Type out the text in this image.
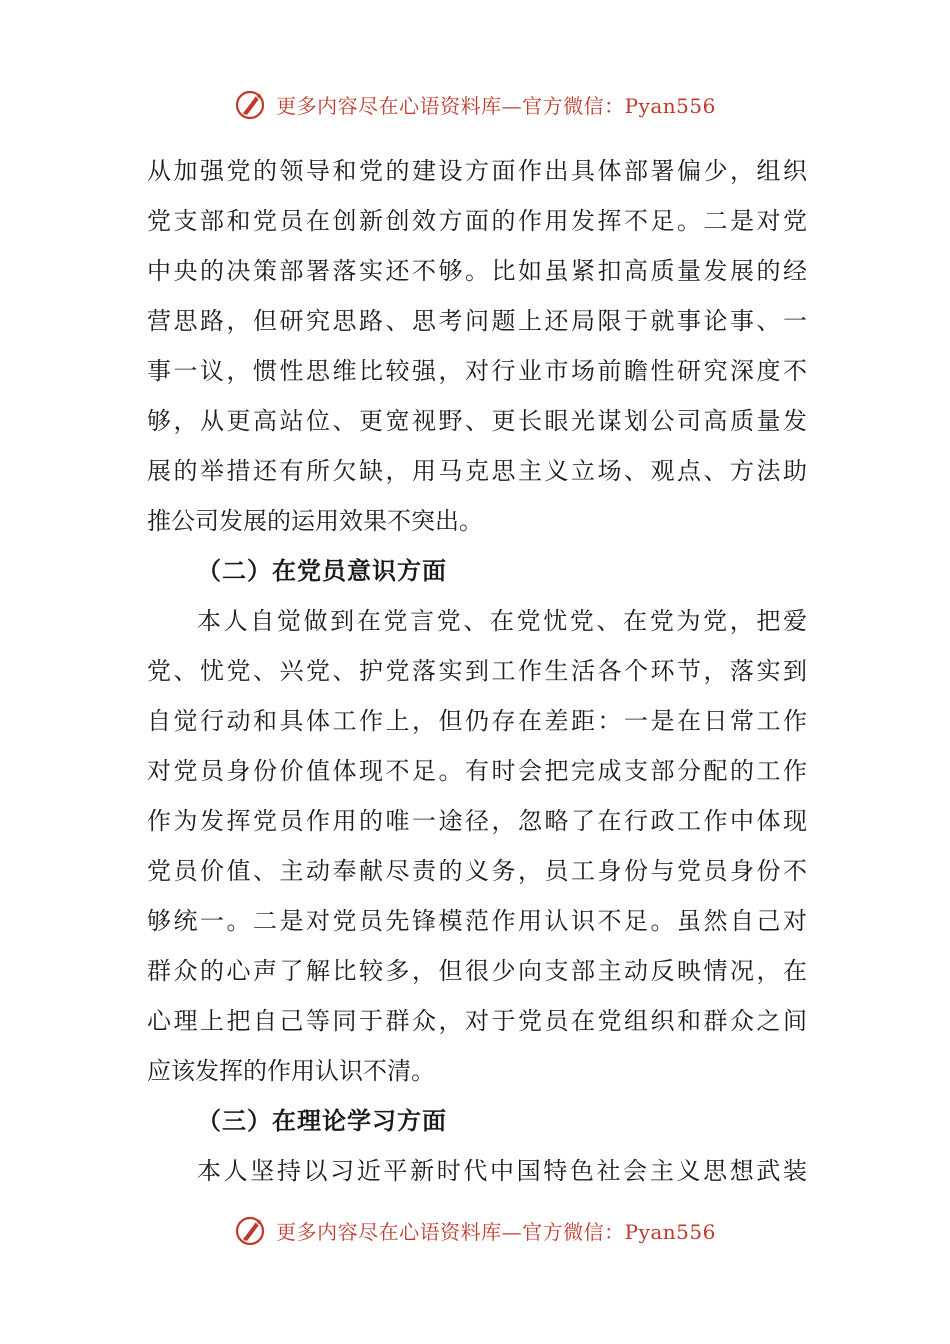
更多内容尽在心语资料库—官方微信：Pyan556
从加强党的领导和党的建设方面作出具体部署偏少，组织
党支部和党员在创新创效方面的作用发挥不足。二是对党
中央的决策部署落实还不够。比如虽紧扣高质量发展的经
营思路，但研究思路、思考问题上还局限于就事论事、一
事一议，惯性思维比较强，对行业市场前瞻性研究深度不
够，从更高站位、更宽视野、更长眼光谋划公司高质量发
展的举措还有所欠缺，用马克思主义立场、观点、方法助
推公司发展的运用效果不突出。
（二）在党员意识方面
本人自觉做到在党言党、在党忧党、在党为党，把爱
党、忧党、兴党、护党落实到工作生活各个环节，落实到
自觉行动和具体工作上，但仍存在差距：一是在日常工作
对党员身份价值体现不足。有时会把完成支部分配的工作
作为发挥党员作用的唯一途径，忽略了在行政工作中体现
党员价值、主动奉献尽责的义务，员工身份与党员身份不
够统一。二是对党员先锋模范作用认识不足。虽然自己对
群众的心声了解比较多，但很少向支部主动反映情况，在
心理上把自己等同于群众，对于党员在党组织和群众之间
应该发挥的作用认识不清。
（三）在理论学习方面
本人坚持以习近平新时代中国特色社会主义思想武装
更多内容尽在心语资料库—官方微信：Pyan556
